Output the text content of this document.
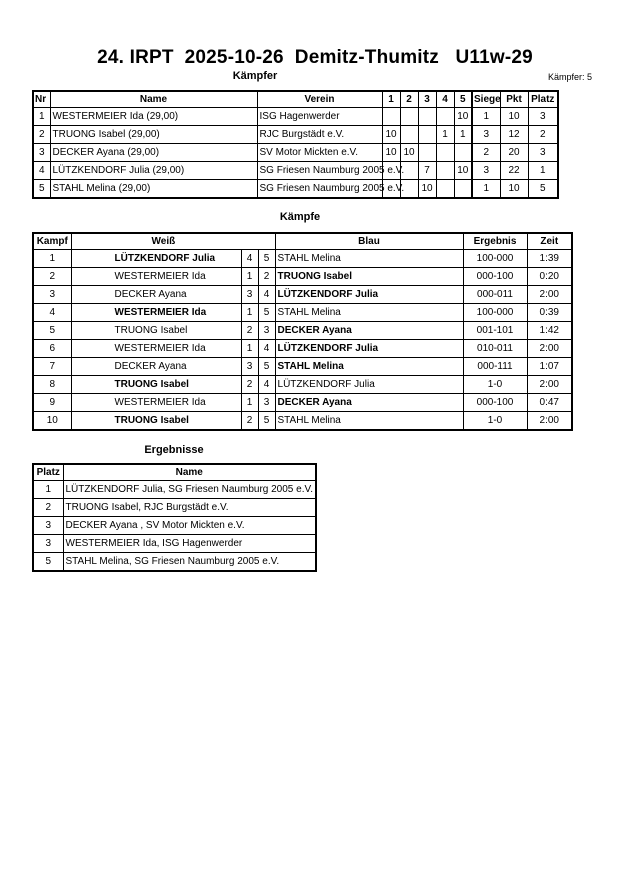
24. IRPT  2025-10-26  Demitz-Thumitz   U11w-29
Kämpfer	Kämpfer: 5
Nr	Name	Verein	1	2	3	4	5	Siege	Pkt	Platz
1	WESTERMEIER Ida (29,00)	ISG Hagenwerder					10	1	10	3
2	TRUONG Isabel (29,00)	RJC Burgstädt e.V.	10			1	1	3	12	2
3	DECKER Ayana (29,00)	SV Motor Mickten e.V.	10	10				2	20	3
4	LÜTZKENDORF Julia (29,00)	SG Friesen Naumburg 2005 e.V.			7		10	3	22	1
5	STAHL Melina (29,00)	SG Friesen Naumburg 2005 e.V.			10			1	10	5
Kämpfe
Kampf	Weiß			Blau	Ergebnis	Zeit
1	LÜTZKENDORF Julia	4	5	STAHL Melina	100-000	1:39
2	WESTERMEIER Ida	1	2	TRUONG Isabel	000-100	0:20
3	DECKER Ayana	3	4	LÜTZKENDORF Julia	000-011	2:00
4	WESTERMEIER Ida	1	5	STAHL Melina	100-000	0:39
5	TRUONG Isabel	2	3	DECKER Ayana	001-101	1:42
6	WESTERMEIER Ida	1	4	LÜTZKENDORF Julia	010-011	2:00
7	DECKER Ayana	3	5	STAHL Melina	000-111	1:07
8	TRUONG Isabel	2	4	LÜTZKENDORF Julia	1-0	2:00
9	WESTERMEIER Ida	1	3	DECKER Ayana	000-100	0:47
10	TRUONG Isabel	2	5	STAHL Melina	1-0	2:00
Ergebnisse
Platz	Name
1	LÜTZKENDORF Julia, SG Friesen Naumburg 2005 e.V.
2	TRUONG Isabel, RJC Burgstädt e.V.
3	DECKER Ayana , SV Motor Mickten e.V.
3	WESTERMEIER Ida, ISG Hagenwerder
5	STAHL Melina, SG Friesen Naumburg 2005 e.V.
